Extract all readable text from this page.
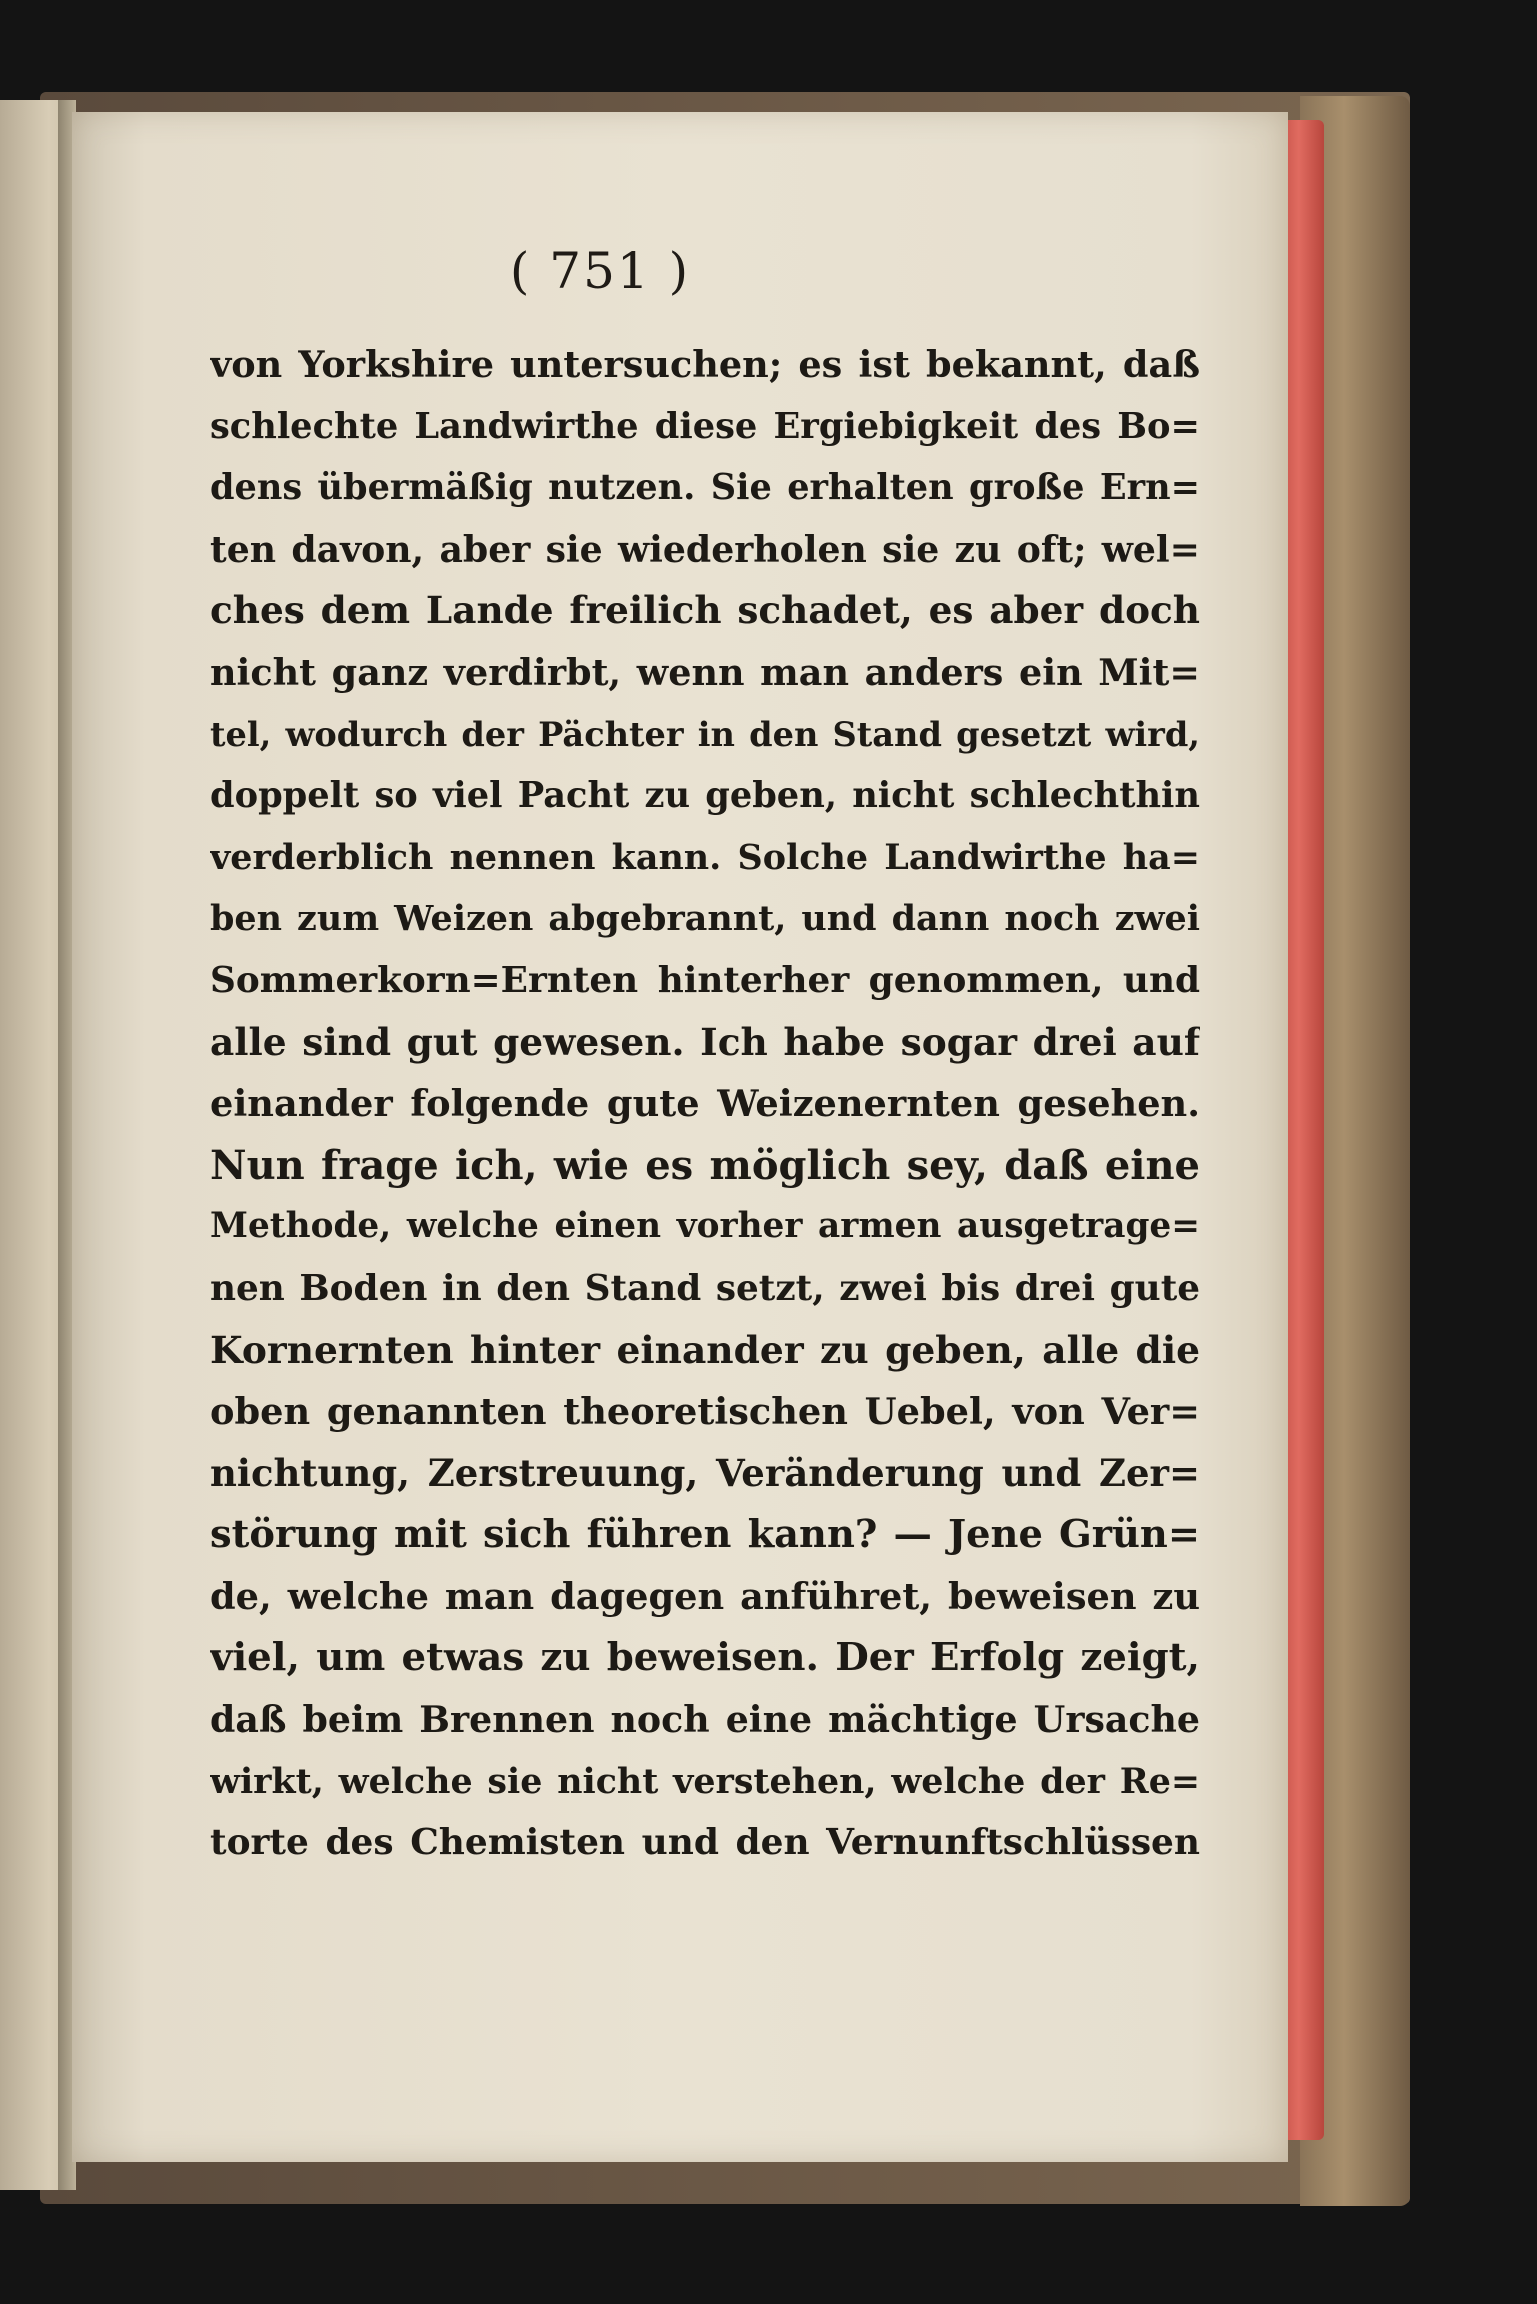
( 751 )
von Yorkshire untersuchen; es ist bekannt, daß
schlechte Landwirthe diese Ergiebigkeit des Bo=
dens übermäßig nutzen. Sie erhalten große Ern=
ten davon, aber sie wiederholen sie zu oft; wel=
ches dem Lande freilich schadet, es aber doch
nicht ganz verdirbt, wenn man anders ein Mit=
tel, wodurch der Pächter in den Stand gesetzt wird,
doppelt so viel Pacht zu geben, nicht schlechthin
verderblich nennen kann. Solche Landwirthe ha=
ben zum Weizen abgebrannt, und dann noch zwei
Sommerkorn=Ernten hinterher genommen, und
alle sind gut gewesen. Ich habe sogar drei auf
einander folgende gute Weizenernten gesehen.
Nun frage ich, wie es möglich sey, daß eine
Methode, welche einen vorher armen ausgetrage=
nen Boden in den Stand setzt, zwei bis drei gute
Kornernten hinter einander zu geben, alle die
oben genannten theoretischen Uebel, von Ver=
nichtung, Zerstreuung, Veränderung und Zer=
störung mit sich führen kann? — Jene Grün=
de, welche man dagegen anführet, beweisen zu
viel, um etwas zu beweisen. Der Erfolg zeigt,
daß beim Brennen noch eine mächtige Ursache
wirkt, welche sie nicht verstehen, welche der Re=
torte des Chemisten und den Vernunftschlüssen
